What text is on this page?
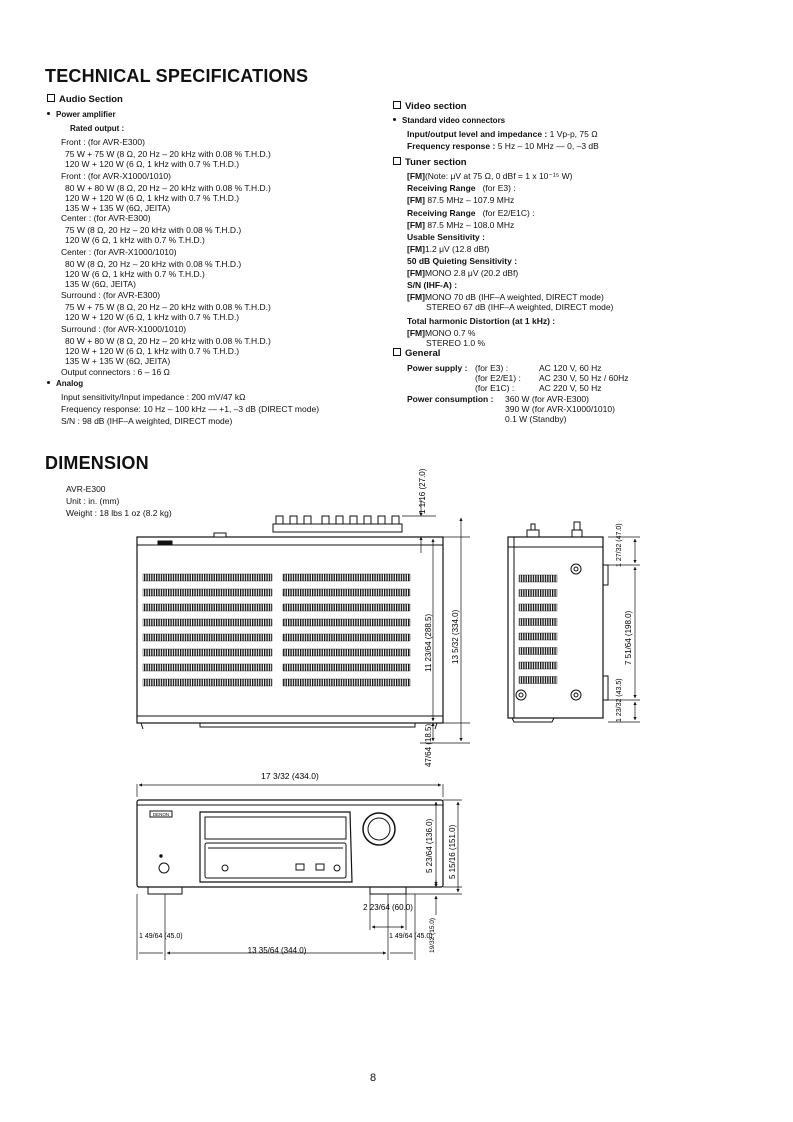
TECHNICAL SPECIFICATIONS
Audio Section
Power amplifier
Rated output :
Front : (for AVR-E300)
75 W + 75 W (8 Ω, 20 Hz – 20 kHz with 0.08 % T.H.D.)
120 W + 120 W (6 Ω, 1 kHz with 0.7 % T.H.D.)
Front : (for AVR-X1000/1010)
80 W + 80 W (8 Ω, 20 Hz – 20 kHz with 0.08 % T.H.D.)
120 W + 120 W (6 Ω, 1 kHz with 0.7 % T.H.D.)
135 W + 135 W (6Ω, JEITA)
Center : (for AVR-E300)
75 W (8 Ω, 20 Hz – 20 kHz with 0.08 % T.H.D.)
120 W (6 Ω, 1 kHz with 0.7 % T.H.D.)
Center : (for AVR-X1000/1010)
80 W (8 Ω, 20 Hz – 20 kHz with 0.08 % T.H.D.)
120 W (6 Ω, 1 kHz with 0.7 % T.H.D.)
135 W (6Ω, JEITA)
Surround : (for AVR-E300)
75 W + 75 W (8 Ω, 20 Hz – 20 kHz with 0.08 % T.H.D.)
120 W + 120 W (6 Ω, 1 kHz with 0.7 % T.H.D.)
Surround : (for AVR-X1000/1010)
80 W + 80 W (8 Ω, 20 Hz – 20 kHz with 0.08 % T.H.D.)
120 W + 120 W (6 Ω, 1 kHz with 0.7 % T.H.D.)
135 W + 135 W (6Ω, JEITA)
Output connectors : 6 – 16 Ω
Analog
Input sensitivity/Input impedance : 200 mV/47 kΩ
Frequency response: 10 Hz – 100 kHz — +1, –3 dB (DIRECT mode)
S/N : 98 dB (IHF–A weighted, DIRECT mode)
Video section
Standard video connectors
Input/output level and impedance : 1 Vp-p, 75 Ω
Frequency response : 5 Hz – 10 MHz — 0, –3 dB
Tuner section
[FM](Note: μV at 75 Ω, 0 dBf = 1 x 10⁻¹⁵ W)
Receiving Range (for E3) :
[FM] 87.5 MHz – 107.9 MHz
Receiving Range (for E2/E1C) :
[FM] 87.5 MHz – 108.0 MHz
Usable Sensitivity :
[FM]1.2 μV (12.8 dBf)
50 dB Quieting Sensitivity :
[FM]MONO 2.8 μV (20.2 dBf)
S/N (IHF-A) :
[FM]MONO 70 dB (IHF–A weighted, DIRECT mode)
STEREO 67 dB (IHF–A weighted, DIRECT mode)
Total harmonic Distortion (at 1 kHz) :
[FM]MONO 0.7 %
STEREO 1.0 %
General
Power supply : (for E3) :	AC 120 V, 60 Hz
(for E2/E1) : AC 230 V, 50 Hz / 60Hz
(for E1C) :	AC 220 V, 50 Hz
Power consumption : 360 W (for AVR-E300)
390 W (for AVR-X1000/1010)
0.1 W (Standby)
DIMENSION
AVR-E300
Unit : in. (mm)
Weight : 18 lbs 1 oz (8.2 kg)	1 1/16 (27.0)
11 23/64 (288.5) 13 5/32 (334.0)
47/64 (18.5)
1 27/32 (47.0)
7 51/64 (198.0)
1 23/32 (43.5)
DENON
17 3/32 (434.0)
5 23/64 (136.0) 5 15/16 (151.0)
19/32 (15.0)
13 35/64 (344.0)
1 49/64 (45.0)	1 49/64 (45.0)
2 23/64 (60.0)
8
